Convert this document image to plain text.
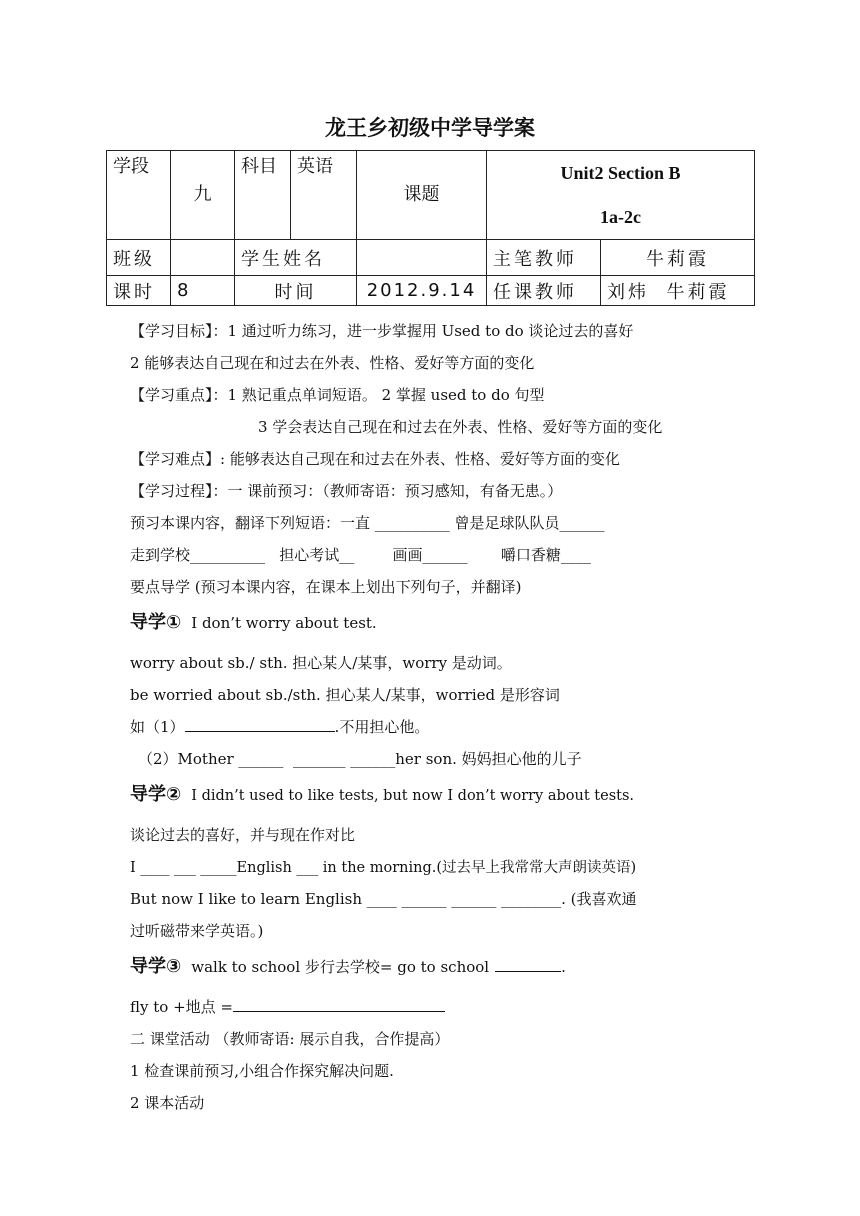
龙王乡初级中学导学案
学段	九	科目	英语	课题	Unit2 Section B
1a-2c	

班级		学生姓名			主笔教师	牛莉霞
课时	8	时间		2012.9.14	任课教师	刘炜  牛莉霞
【学习目标】：1 通过听力练习，进一步掌握用 Used to do 谈论过去的喜好
2 能够表达自己现在和过去在外表、性格、爱好等方面的变化
【学习重点】：1 熟记重点单词短语。 2 掌握 used to do 句型
3 学会表达自己现在和过去在外表、性格、爱好等方面的变化
【学习难点】: 能够表达自己现在和过去在外表、性格、爱好等方面的变化
【学习过程】：一 课前预习：（教师寄语：预习感知，有备无患。）
预习本课内容，翻译下列短语：一直 __________ 曾是足球队队员______
走到学校__________   担心考试__        画画______       嚼口香糖____
要点导学 (预习本课内容，在课本上划出下列句子，并翻译)
导学① I don’t worry about test.
worry about sb./ sth. 担心某人/某事，worry 是动词。
be worried about sb./sth. 担心某人/某事，worried 是形容词
如（1）	.不用担心他。
（2）Mother ______  _______ ______her son. 妈妈担心他的儿子
导学② I didn’t used to like tests, but now I don’t worry about tests.
谈论过去的喜好，并与现在作对比
I ____ ___ _____English ___ in the morning.(过去早上我常常大声朗读英语)
But now I like to learn English ____ ______ ______ ________. (我喜欢通
过听磁带来学英语。)
导学③ walk to school 步行去学校= go to school	.
fly to +地点 =
二 课堂活动 （教师寄语: 展示自我，合作提高）
1 检查课前预习,小组合作探究解决问题.
2 课本活动
